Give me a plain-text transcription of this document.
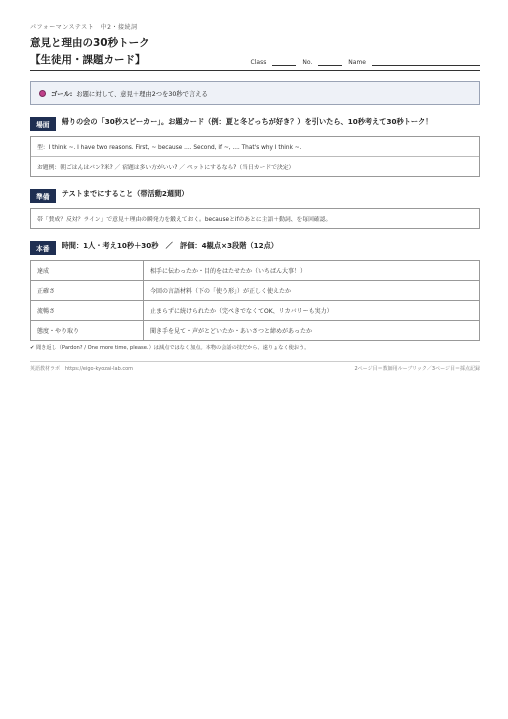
パフォーマンステスト　中2・接続詞
意見と理由の30秒トーク
【生徒用・課題カード】	Class	No.	Name
ゴール: お題に対して、意見＋理由2つを30秒で言える
場面	帰りの会の「30秒スピーカー」。お題カード（例：夏と冬どっちが好き？）を引いたら、10秒考えて30秒トーク！
型：I think ~. I have two reasons. First, ~ because .... Second, if ~, .... That's why I think ~.
お題例：朝ごはんはパン?米? ／ 宿題は多い方がいい? ／ ペットにするなら?（当日カードで決定）
準備	テストまでにすること（帯活動2週間）
帯「賛成？反対？ライン」で意見＋理由の瞬発力を鍛えておく。becauseとifのあとに主語＋動詞、を毎回確認。
本番	時間：1人・考え10秒＋30秒　／　評価：4観点×3段階（12点）
達成	相手に伝わったか・目的をはたせたか（いちばん大事！）
正確さ	今回の言語材料（下の「使う形」）が正しく使えたか
流暢さ	止まらずに続けられたか（完ぺきでなくてOK、リカバリーも実力）
態度・やり取り	聞き手を見て・声がとどいたか・あいさつと締めがあったか
✔ 聞き返し（Pardon? / One more time, please.）は減点ではなく加点。本物の会話の技だから、遠りょなく使おう。
英語教材ラボ　https://eigo-kyozai-lab.com	2ページ目＝教師用ルーブリック／3ページ目＝採点記録
